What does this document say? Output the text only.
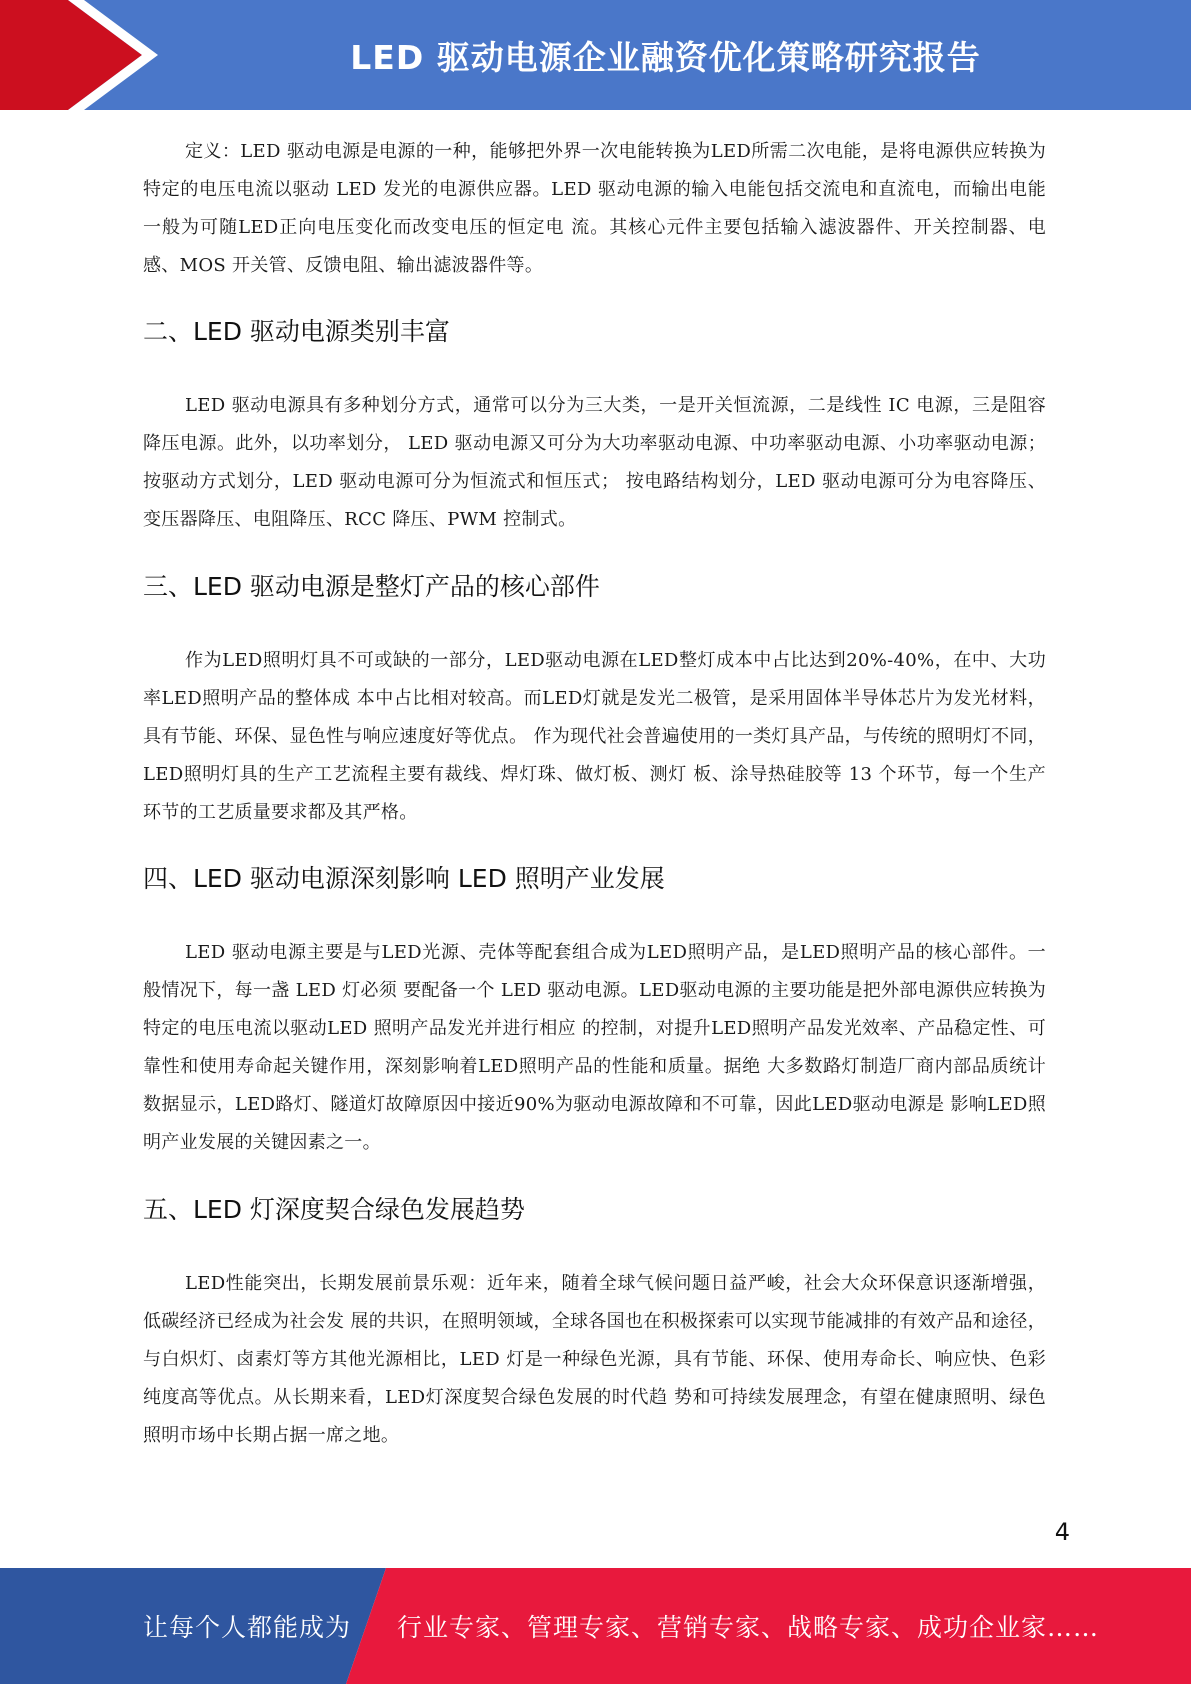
LED 驱动电源企业融资优化策略研究报告

定义：LED 驱动电源是电源的一种，能够把外界一次电能转换为LED所需二次电能，是将电源供应转换为特定的电压电流以驱动 LED 发光的电源供应器。LED 驱动电源的输入电能包括交流电和直流电，而输出电能一般为可随LED正向电压变化而改变电压的恒定电 流。其核心元件主要包括输入滤波器件、开关控制器、电感、MOS 开关管、反馈电阻、输出滤波器件等。

二、LED 驱动电源类别丰富

LED 驱动电源具有多种划分方式，通常可以分为三大类，一是开关恒流源，二是线性 IC 电源，三是阻容降压电源。此外，以功率划分， LED 驱动电源又可分为大功率驱动电源、中功率驱动电源、小功率驱动电源；按驱动方式划分，LED 驱动电源可分为恒流式和恒压式； 按电路结构划分，LED 驱动电源可分为电容降压、变压器降压、电阻降压、RCC 降压、PWM 控制式。

三、LED 驱动电源是整灯产品的核心部件

作为LED照明灯具不可或缺的一部分，LED驱动电源在LED整灯成本中占比达到20%-40%，在中、大功率LED照明产品的整体成 本中占比相对较高。而LED灯就是发光二极管，是采用固体半导体芯片为发光材料，具有节能、环保、显色性与响应速度好等优点。 作为现代社会普遍使用的一类灯具产品，与传统的照明灯不同，LED照明灯具的生产工艺流程主要有裁线、焊灯珠、做灯板、测灯 板、涂导热硅胶等 13 个环节，每一个生产环节的工艺质量要求都及其严格。

四、LED 驱动电源深刻影响 LED 照明产业发展

LED 驱动电源主要是与LED光源、壳体等配套组合成为LED照明产品，是LED照明产品的核心部件。一般情况下，每一盏 LED 灯必须 要配备一个 LED 驱动电源。LED驱动电源的主要功能是把外部电源供应转换为特定的电压电流以驱动LED 照明产品发光并进行相应 的控制，对提升LED照明产品发光效率、产品稳定性、可靠性和使用寿命起关键作用，深刻影响着LED照明产品的性能和质量。据绝 大多数路灯制造厂商内部品质统计数据显示，LED路灯、隧道灯故障原因中接近90%为驱动电源故障和不可靠，因此LED驱动电源是 影响LED照明产业发展的关键因素之一。

五、LED 灯深度契合绿色发展趋势

LED性能突出，长期发展前景乐观：近年来，随着全球气候问题日益严峻，社会大众环保意识逐渐增强，低碳经济已经成为社会发 展的共识，在照明领域，全球各国也在积极探索可以实现节能减排的有效产品和途径，与白炽灯、卤素灯等方其他光源相比，LED 灯是一种绿色光源，具有节能、环保、使用寿命长、响应快、色彩纯度高等优点。从长期来看，LED灯深度契合绿色发展的时代趋 势和可持续发展理念，有望在健康照明、绿色照明市场中长期占据一席之地。

4
让每个人都能成为 行业专家、管理专家、营销专家、战略专家、成功企业家……
